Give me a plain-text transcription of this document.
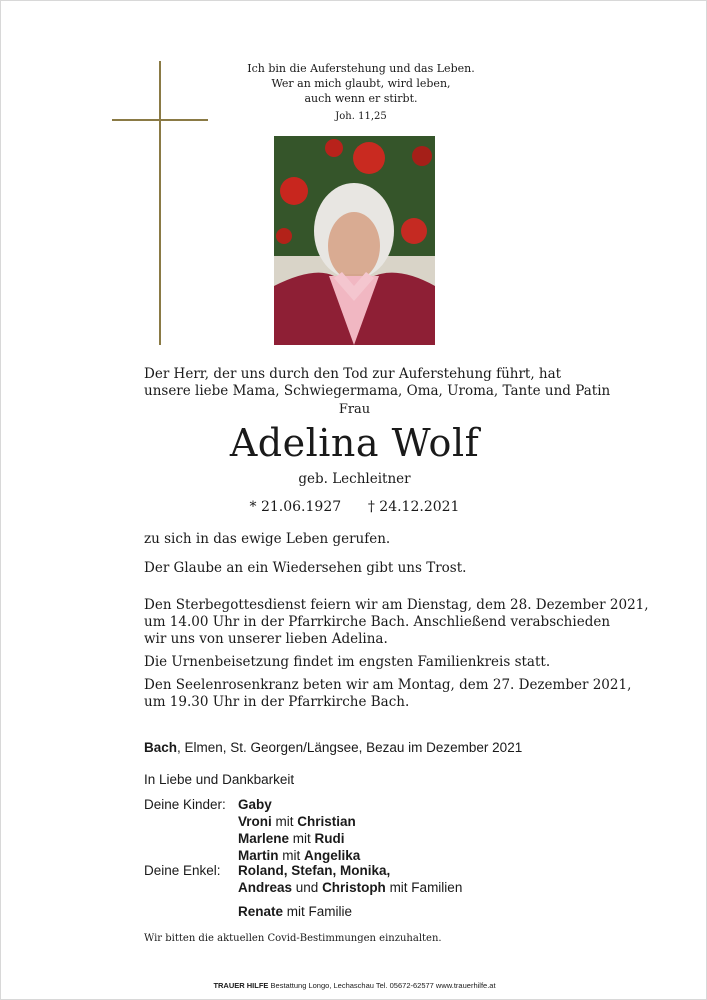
Ich bin die Auferstehung und das Leben.
Wer an mich glaubt, wird leben,
auch wenn er stirbt.
Joh. 11,25
Der Herr, der uns durch den Tod zur Auferstehung führt, hat
unsere liebe Mama, Schwiegermama, Oma, Uroma, Tante und Patin
Frau
Adelina Wolf
geb. Lechleitner
* 21.06.1927      † 24.12.2021
zu sich in das ewige Leben gerufen.
Der Glaube an ein Wiedersehen gibt uns Trost.
Den Sterbegottesdienst feiern wir am Dienstag, dem 28. Dezember 2021,
um 14.00 Uhr in der Pfarrkirche Bach. Anschließend verabschieden
wir uns von unserer lieben Adelina.
Die Urnenbeisetzung findet im engsten Familienkreis statt.
Den Seelenrosenkranz beten wir am Montag, dem 27. Dezember 2021,
um 19.30 Uhr in der Pfarrkirche Bach.
Bach, Elmen, St. Georgen/Längsee, Bezau im Dezember 2021
In Liebe und Dankbarkeit
Deine Kinder: Gaby
Vroni mit Christian
Marlene mit Rudi
Martin mit Angelika
Deine Enkel: Roland, Stefan, Monika,
Andreas und Christoph mit Familien
Renate mit Familie
Wir bitten die aktuellen Covid-Bestimmungen einzuhalten.
TRAUER HILFE Bestattung Longo, Lechaschau Tel. 05672-62577 www.trauerhilfe.at
